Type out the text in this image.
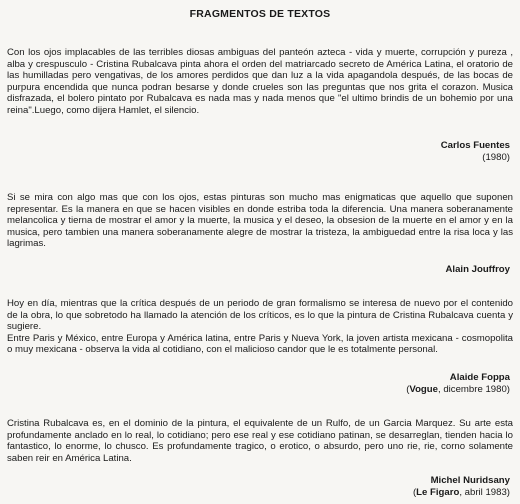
FRAGMENTOS DE TEXTOS

Con los ojos implacables de las terribles diosas ambiguas del panteón azteca - vida y muerte, corrupción y pureza , alba y crespusculo - Cristina Rubalcava pinta ahora el orden del matriarcado secreto de América Latina, el oratorio de las humilladas pero vengativas, de los amores perdidos que dan luz a la vida apagandola después, de las bocas de purpura encendida que nunca podran besarse y donde crueles son las preguntas que nos grita el corazon. Musica disfrazada, el bolero pintato por Rubalcava es nada mas y nada menos que "el ultimo brindis de un bohemio por una reina".Luego, como dijera Hamlet, el silencio.

Carlos Fuentes
(1980)

Si se mira con algo mas que con los ojos, estas pinturas son mucho mas enigmaticas que aquello que suponen representar. Es la manera en que se hacen visibles en donde estriba toda la diferencia. Una manera soberanamente melancolica y tierna de mostrar el amor y la muerte, la musica y el deseo, la obsesion de la muerte en el amor y en la musica, pero tambien una manera soberanamente alegre de mostrar la tristeza, la ambiguedad entre la risa loca y las lagrimas.

Alain Jouffroy

Hoy en día, mientras que la crítica después de un periodo de gran formalismo se interesa de nuevo por el contenido de la obra, lo que sobretodo ha llamado la atención de los críticos, es lo que la pintura de Cristina Rubalcava cuenta y sugiere.
Entre Paris y México, entre Europa y América latina, entre Paris y Nueva York, la joven artista mexicana - cosmopolita o muy mexicana - observa la vida al cotidiano, con el malicioso candor que le es totalmente personal.

Alaide Foppa
(Vogue, dicembre 1980)

Cristina Rubalcava es, en el dominio de la pintura, el equivalente de un Rulfo, de un Garcia Marquez. Su arte esta profundamente anclado en lo real, lo cotidiano; pero ese real y ese cotidiano patinan, se desarreglan, tienden hacia lo fantastico, lo enorme, lo chusco. Es profundamente tragico, o erotico, o absurdo, pero uno rie, rie, corno solamente saben reir en América Latina.

Michel Nuridsany
(Le Figaro, abril 1983)
